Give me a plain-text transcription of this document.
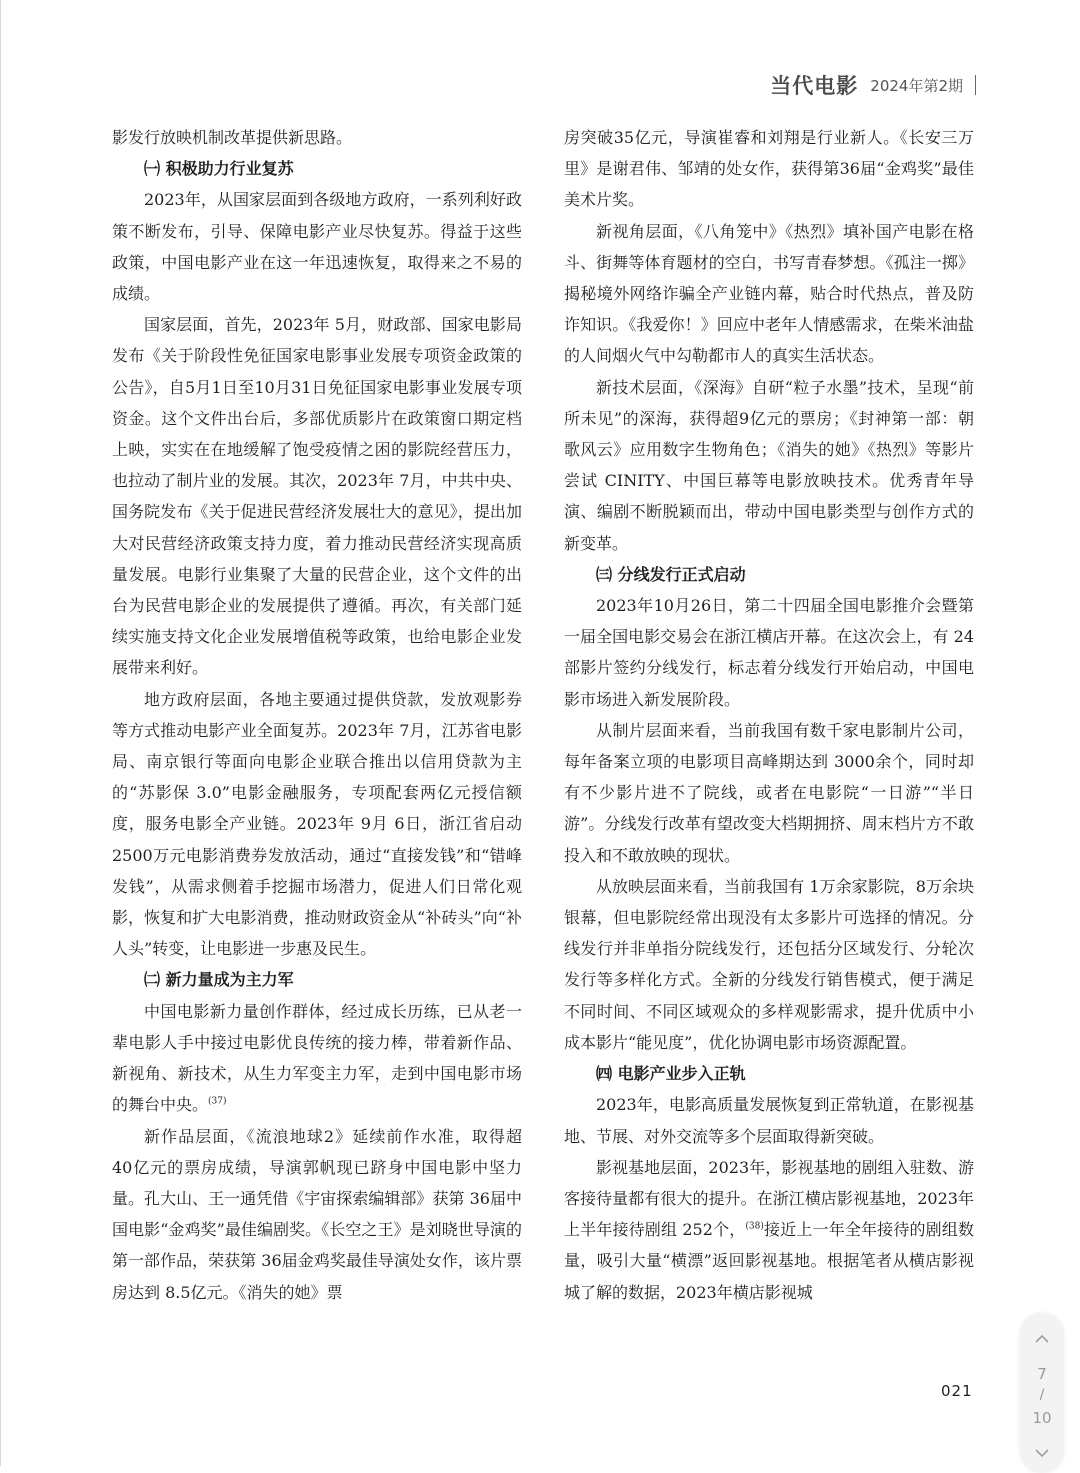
当代电影 2024年第2期

影发行放映机制改革提供新思路。

㈠ 积极助力行业复苏

2023年，从国家层面到各级地方政府，一系列利好政策不断发布，引导、保障电影产业尽快复苏。得益于这些政策，中国电影产业在这一年迅速恢复，取得来之不易的成绩。

国家层面，首先，2023年 5月，财政部、国家电影局发布《关于阶段性免征国家电影事业发展专项资金政策的公告》，自5月1日至10月31日免征国家电影事业发展专项资金。这个文件出台后，多部优质影片在政策窗口期定档上映，实实在在地缓解了饱受疫情之困的影院经营压力，也拉动了制片业的发展。其次，2023年 7月，中共中央、国务院发布《关于促进民营经济发展壮大的意见》，提出加大对民营经济政策支持力度，着力推动民营经济实现高质量发展。电影行业集聚了大量的民营企业，这个文件的出台为民营电影企业的发展提供了遵循。再次，有关部门延续实施支持文化企业发展增值税等政策，也给电影企业发展带来利好。

地方政府层面，各地主要通过提供贷款，发放观影券等方式推动电影产业全面复苏。2023年 7月，江苏省电影局、南京银行等面向电影企业联合推出以信用贷款为主的“苏影保 3.0”电影金融服务，专项配套两亿元授信额度，服务电影全产业链。2023年 9月 6日，浙江省启动 2500万元电影消费券发放活动，通过“直接发钱”和“错峰发钱”，从需求侧着手挖掘市场潜力，促进人们日常化观影，恢复和扩大电影消费，推动财政资金从“补砖头”向“补人头”转变，让电影进一步惠及民生。

㈡ 新力量成为主力军

中国电影新力量创作群体，经过成长历练，已从老一辈电影人手中接过电影优良传统的接力棒，带着新作品、新视角、新技术，从生力军变主力军，走到中国电影市场的舞台中央。$^{(37)}$

新作品层面，《流浪地球2》延续前作水准，取得超 40亿元的票房成绩，导演郭帆现已跻身中国电影中坚力量。孔大山、王一通凭借《宇宙探索编辑部》获第 36届中国电影“金鸡奖”最佳编剧奖。《长空之王》是刘晓世导演的第一部作品，荣获第 36届金鸡奖最佳导演处女作，该片票房达到 8.5亿元。《消失的她》票

房突破35亿元，导演崔睿和刘翔是行业新人。《长安三万里》是谢君伟、邹靖的处女作，获得第36届“金鸡奖”最佳美术片奖。

新视角层面，《八角笼中》《热烈》填补国产电影在格斗、街舞等体育题材的空白，书写青春梦想。《孤注一掷》揭秘境外网络诈骗全产业链内幕，贴合时代热点，普及防诈知识。《我爱你！》回应中老年人情感需求，在柴米油盐的人间烟火气中勾勒都市人的真实生活状态。

新技术层面，《深海》自研“粒子水墨”技术，呈现“前所未见”的深海，获得超9亿元的票房；《封神第一部：朝歌风云》应用数字生物角色；《消失的她》《热烈》等影片尝试 CINITY、中国巨幕等电影放映技术。优秀青年导演、编剧不断脱颖而出，带动中国电影类型与创作方式的新变革。

㈢ 分线发行正式启动

2023年10月26日，第二十四届全国电影推介会暨第一届全国电影交易会在浙江横店开幕。在这次会上，有 24部影片签约分线发行，标志着分线发行开始启动，中国电影市场进入新发展阶段。

从制片层面来看，当前我国有数千家电影制片公司，每年备案立项的电影项目高峰期达到 3000余个，同时却有不少影片进不了院线，或者在电影院“一日游”“半日游”。分线发行改革有望改变大档期拥挤、周末档片方不敢投入和不敢放映的现状。

从放映层面来看，当前我国有 1万余家影院，8万余块银幕，但电影院经常出现没有太多影片可选择的情况。分线发行并非单指分院线发行，还包括分区域发行、分轮次发行等多样化方式。全新的分线发行销售模式，便于满足不同时间、不同区域观众的多样观影需求，提升优质中小成本影片“能见度”，优化协调电影市场资源配置。

㈣ 电影产业步入正轨

2023年，电影高质量发展恢复到正常轨道，在影视基地、节展、对外交流等多个层面取得新突破。

影视基地层面，2023年，影视基地的剧组入驻数、游客接待量都有很大的提升。在浙江横店影视基地，2023年上半年接待剧组 252个，$^{(38)}$接近上一年全年接待的剧组数量，吸引大量“横漂”返回影视基地。根据笔者从横店影视城了解的数据，2023年横店影视城

021
7
/
10
